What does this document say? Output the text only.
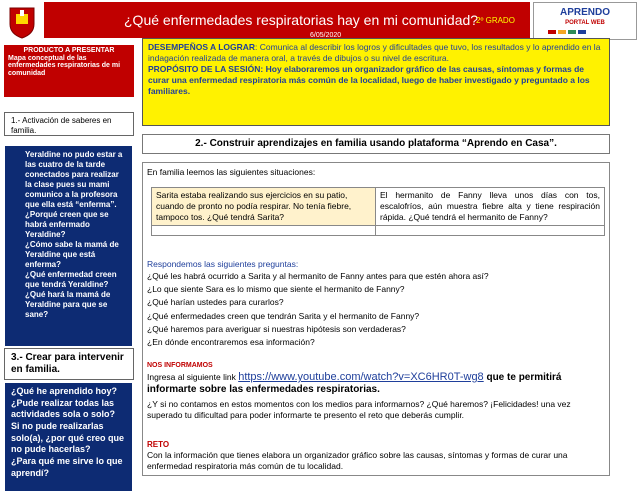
¿Qué enfermedades respiratorias hay en mi comunidad?
2º GRADO
6/05/2020
APRENDO
PORTAL WEB
PRODUCTO A PRESENTAR
Mapa conceptual de las enfermedades respiratorias de mi comunidad
1.- Activación de saberes en familia.
Yeraldine no pudo estar a las cuatro de la tarde conectados para realizar la clase pues su mami comunico a la profesora que ella está “enferma”.
¿Porqué creen que se habrá enfermado Yeraldine?
¿Cómo sabe la mamá de Yeraldine que está enferma?
¿Qué enfermedad creen que tendrá Yeraldine?
¿Qué hará la mamá de Yeraldine para que se sane?
3.- Crear para intervenir en familia.
¿Qué he aprendido hoy?
¿Pude realizar todas las actividades sola o solo?
Si no pude realizarlas solo(a), ¿por qué creo que no pude hacerlas?
¿Para qué me sirve lo que aprendí?
DESEMPEÑOS A LOGRAR: Comunica al describir los logros y dificultades que tuvo, los resultados y lo aprendido en la indagación realizada de manera oral, a través de dibujos o su nivel de escritura.
PROPÓSITO DE LA SESIÓN: Hoy elaboraremos un organizador gráfico de las causas, síntomas y formas de curar una enfermedad respiratoria más común de la localidad, luego de haber investigado y preguntado a los familiares.
2.- Construir aprendizajes en familia usando plataforma “Aprendo en Casa”.
En familia leemos las siguientes situaciones:
Sarita estaba realizando sus ejercicios en su patio, cuando de pronto no podía respirar. No tenía fiebre, tampoco tos. ¿Qué tendrá Sarita?	El hermanito de Fanny lleva unos días con tos, escalofríos, aún muestra fiebre alta y tiene respiración rápida. ¿Qué tendrá el hermanito de Fanny?

Respondemos las siguientes preguntas:
¿Qué les habrá ocurrido a Sarita y al hermanito de Fanny antes para que estén ahora así?
¿Lo que siente Sara es lo mismo que siente el hermanito de Fanny?
¿Qué harían ustedes para curarlos?
¿Qué enfermedades creen que tendrán Sarita y el hermanito de Fanny?
¿Qué haremos para averiguar si nuestras hipótesis son verdaderas?
¿En dónde encontraremos esa información?
NOS INFORMAMOS
Ingresa al siguiente link https://www.youtube.com/watch?v=XC6HR0T-wg8 que te permitirá informarte sobre las enfermedades respiratorias.
¿Y si no contamos en estos momentos con los medios para informarnos? ¿Qué haremos? ¡Felicidades! una vez superado tu dificultad para poder informarte te presento el reto que deberás cumplir.
RETO
Con la información que tienes elabora un organizador gráfico sobre las causas, síntomas y formas de curar una enfermedad respiratoria más común de tu localidad.
